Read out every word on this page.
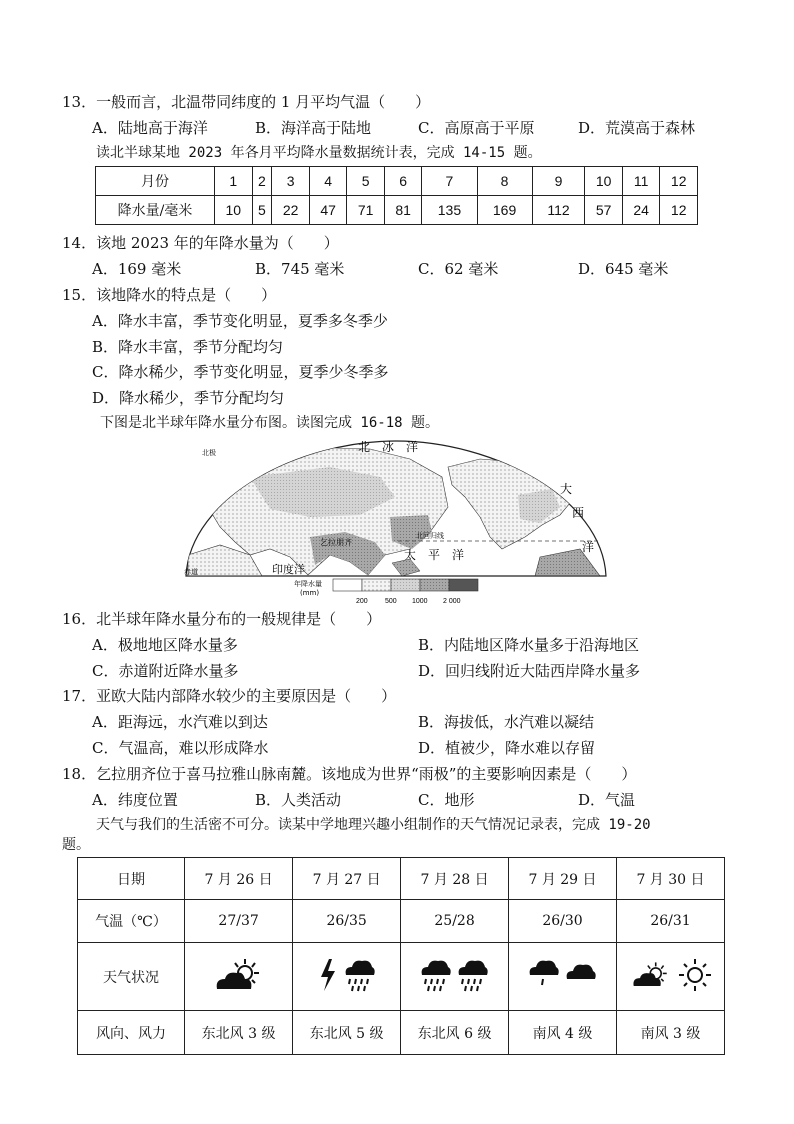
13．一般而言，北温带同纬度的 1 月平均气温（　　）
A．陆地高于海洋	B．海洋高于陆地	C．高原高于平原	D．荒漠高于森林
读北半球某地 2023 年各月平均降水量数据统计表，完成 14-15 题。
月份	1	2	3	4	5	6	7	8	9	10	11	12
降水量/毫米	10	5	22	47	71	81	135	169	112	57	24	12
14．该地 2023 年的年降水量为（　　）
A．169 毫米	B．745 毫米	C．62 毫米	D．645 毫米
15．该地降水的特点是（　　）
A．降水丰富，季节变化明显，夏季多冬季少
B．降水丰富，季节分配均匀
C．降水稀少，季节变化明显，夏季少冬季多
D．降水稀少，季节分配均匀
下图是北半球年降水量分布图。读图完成 16-18 题。
北　冰　洋
北极
大
西
洋
北回归线
乞拉朋齐
太　平　洋
赤道	印度洋
年降水量
(mm)
200 500 1000 2 000
16．北半球年降水量分布的一般规律是（　　）
A．极地地区降水量多	B．内陆地区降水量多于沿海地区
C．赤道附近降水量多	D．回归线附近大陆西岸降水量多
17．亚欧大陆内部降水较少的主要原因是（　　）
A．距海远，水汽难以到达	B．海拔低，水汽难以凝结
C．气温高，难以形成降水	D．植被少，降水难以存留
18．乞拉朋齐位于喜马拉雅山脉南麓。该地成为世界“雨极”的主要影响因素是（　　）
A．纬度位置	B．人类活动	C．地形	D．气温
天气与我们的生活密不可分。读某中学地理兴趣小组制作的天气情况记录表，完成 19-20
题。
日期	7 月 26 日	7 月 27 日	7 月 28 日	7 月 29 日	7 月 30 日
气温（℃）	27/37	26/35	25/28	26/30	26/31
天气状况					
风向、风力	东北风 3 级	东北风 5 级	东北风 6 级	南风 4 级	南风 3 级
